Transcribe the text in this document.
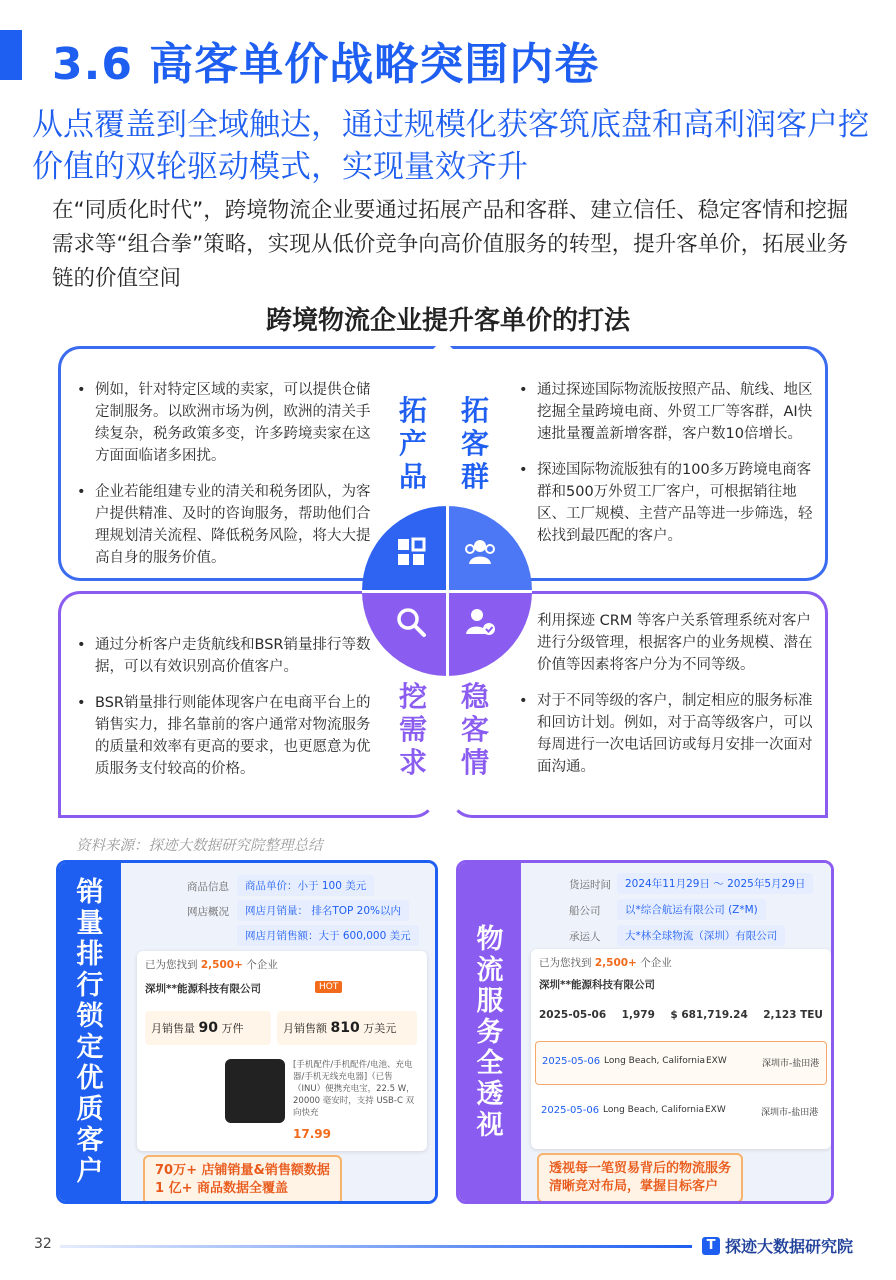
3.6 高客单价战略突围内卷
从点覆盖到全域触达，通过规模化获客筑底盘和高利润客户挖价值的双轮驱动模式，实现量效齐升
在“同质化时代”，跨境物流企业要通过拓展产品和客群、建立信任、稳定客情和挖掘需求等“组合拳”策略，实现从低价竞争向高价值服务的转型，提升客单价，拓展业务链的价值空间
跨境物流企业提升客单价的打法
• 例如，针对特定区域的卖家，可以提供仓储定制服务。以欧洲市场为例，欧洲的清关手续复杂，税务政策多变，许多跨境卖家在这方面面临诸多困扰。
• 企业若能组建专业的清关和税务团队，为客户提供精准、及时的咨询服务，帮助他们合理规划清关流程、降低税务风险，将大大提高自身的服务价值。
• 通过探迹国际物流版按照产品、航线、地区挖掘全量跨境电商、外贸工厂等客群，AI快速批量覆盖新增客群，客户数10倍增长。
• 探迹国际物流版独有的100多万跨境电商客群和500万外贸工厂客户，可根据销往地区、工厂规模、主营产品等进一步筛选，轻松找到最匹配的客户。
• 通过分析客户走货航线和BSR销量排行等数据，可以有效识别高价值客户。
• BSR销量排行则能体现客户在电商平台上的销售实力，排名靠前的客户通常对物流服务的质量和效率有更高的要求，也更愿意为优质服务支付较高的价格。
• 利用探迹 CRM 等客户关系管理系统对客户进行分级管理，根据客户的业务规模、潜在价值等因素将客户分为不同等级。
• 对于不同等级的客户，制定相应的服务标准和回访计划。例如，对于高等级客户，可以每周进行一次电话回访或每月安排一次面对面沟通。
拓产品
拓客群
挖需求
稳客情
资料来源：探迹大数据研究院整理总结
销量排行锁定优质客户
商品信息	商品单价：小于 100 美元
网店概况	网店月销量： 排名TOP 20%以内
网店月销售额：大于 600,000 美元
已为您找到 2,500+ 个企业
深圳**能源科技有限公司	HOT
月销售量 90 万件	月销售额 810 万美元
[手机配件/手机配件/电池、充电器/手机无线充电器]（已售（INU）便携充电宝，22.5 W，20000 毫安时，支持 USB-C 双向快充
17.99
70万+ 店铺销量&销售额数据
1 亿+ 商品数据全覆盖
物流服务全透视
货运时间	2024年11月29日 ～ 2025年5月29日
船公司	以*综合航运有限公司 (Z*M)
承运人	大*林全球物流（深圳）有限公司
已为您找到 2,500+ 个企业
深圳**能源科技有限公司
2025-05-06 1,979 $ 681,719.24 2,123 TEU
2025-05-06 Long Beach, California EXW	深圳市-盐田港
2025-05-06 Long Beach, California EXW	深圳市-盐田港
透视每一笔贸易背后的物流服务
清晰竞对布局，掌握目标客户
32	T 探迹大数据研究院
